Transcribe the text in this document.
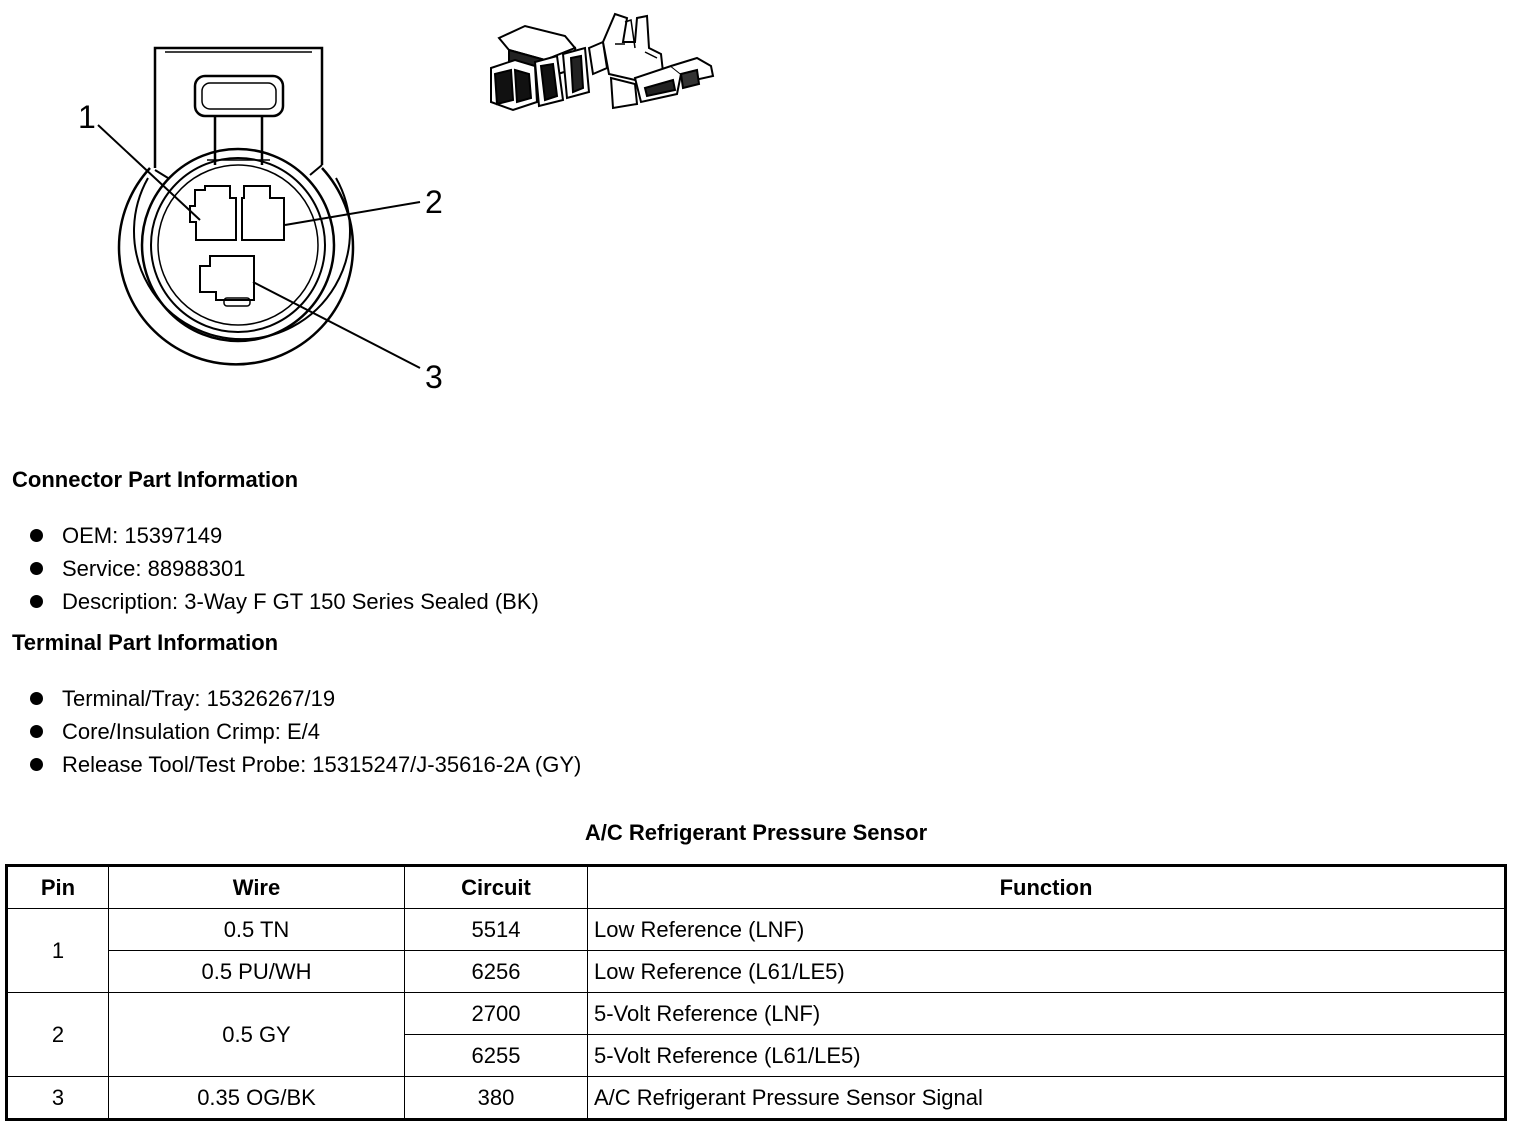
1
2
3
Connector Part Information
OEM: 15397149
Service: 88988301
Description: 3-Way F GT 150 Series Sealed (BK)
Terminal Part Information
Terminal/Tray: 15326267/19
Core/Insulation Crimp: E/4
Release Tool/Test Probe: 15315247/J-35616-2A (GY)
A/C Refrigerant Pressure Sensor
Pin	Wire	Circuit	Function
1	0.5 TN	5514	Low Reference (LNF)
	0.5 PU/WH	6256	Low Reference (L61/LE5)
2	0.5 GY	2700	5-Volt Reference (LNF)
		6255	5-Volt Reference (L61/LE5)
3	0.35 OG/BK	380	A/C Refrigerant Pressure Sensor Signal
